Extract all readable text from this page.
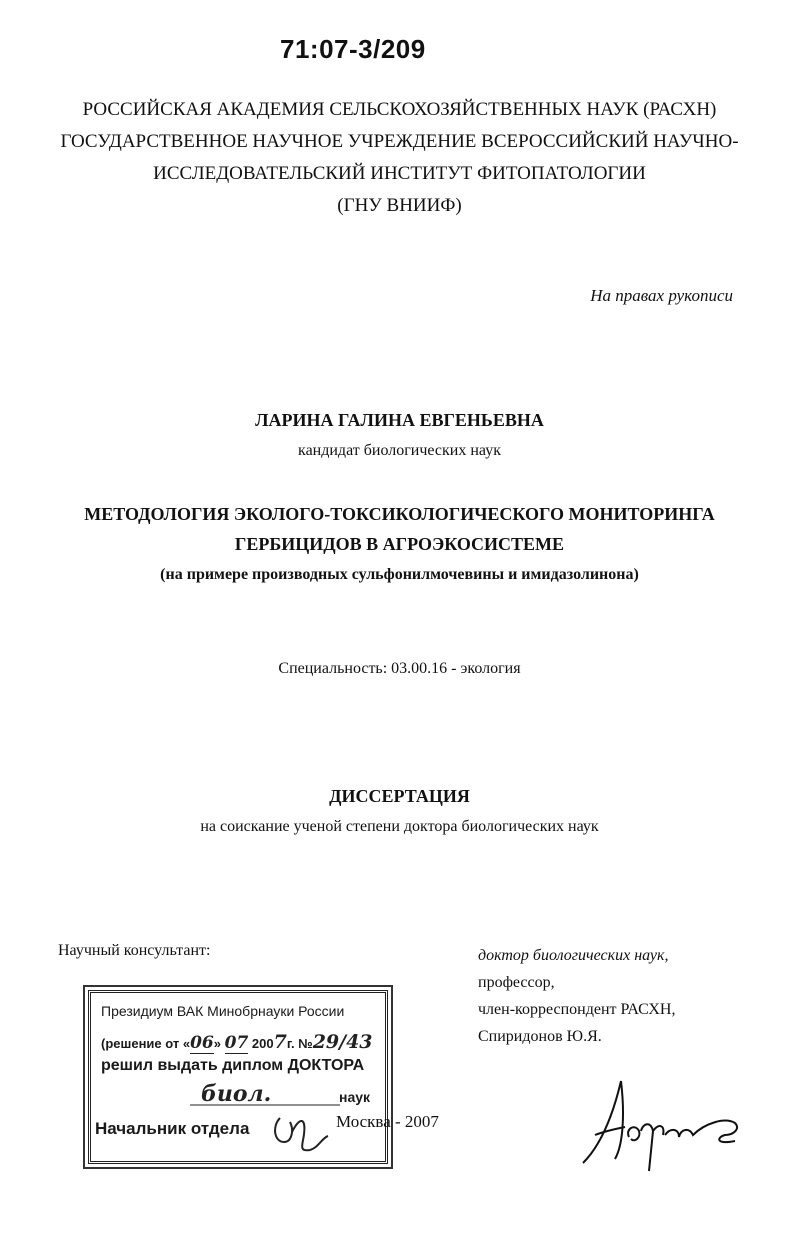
71:07-3/209
РОССИЙСКАЯ АКАДЕМИЯ СЕЛЬСКОХОЗЯЙСТВЕННЫХ НАУК (РАСХН)
ГОСУДАРСТВЕННОЕ НАУЧНОЕ УЧРЕЖДЕНИЕ ВСЕРОССИЙСКИЙ НАУЧНО-
ИССЛЕДОВАТЕЛЬСКИЙ ИНСТИТУТ ФИТОПАТОЛОГИИ
(ГНУ ВНИИФ)
На правах рукописи
ЛАРИНА ГАЛИНА ЕВГЕНЬЕВНА
кандидат биологических наук
МЕТОДОЛОГИЯ ЭКОЛОГО-ТОКСИКОЛОГИЧЕСКОГО МОНИТОРИНГА
ГЕРБИЦИДОВ В АГРОЭКОСИСТЕМЕ
(на примере производных сульфонилмочевины и имидазолинона)
Специальность: 03.00.16 - экология
ДИССЕРТАЦИЯ
на соискание ученой степени доктора биологических наук
Научный консультант:	доктор биологических наук,
профессор,
член-корреспондент РАСХН,
Спиридонов Ю.Я.
Президиум ВАК Минобрнауки России
(решение от «06» 07 2007г. №29/43
решил выдать диплом ДОКТОРА
биол.	наук
Начальник отдела	Москва - 2007
